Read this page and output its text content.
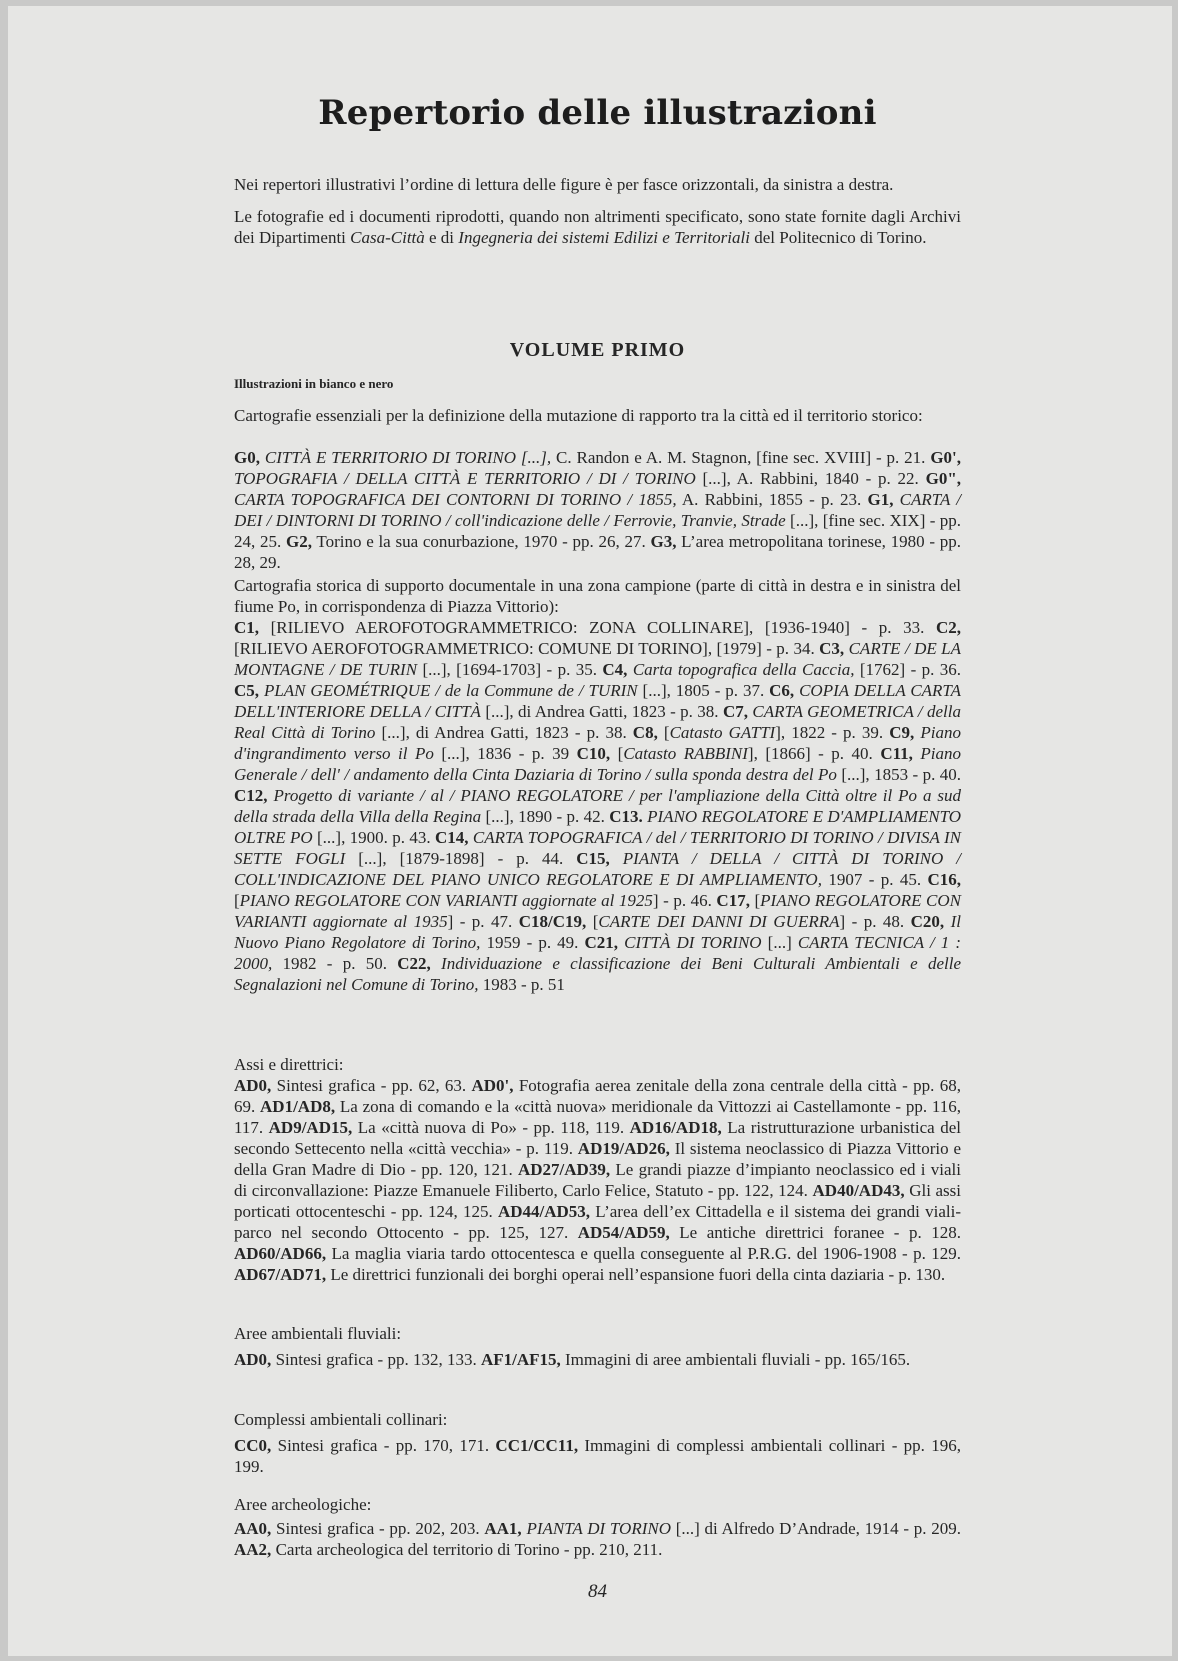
Repertorio delle illustrazioni

Nei repertori illustrativi l’ordine di lettura delle figure è per fasce orizzontali, da sinistra a destra.

Le fotografie ed i documenti riprodotti, quando non altrimenti specificato, sono state fornite dagli Archivi dei Dipartimenti Casa-Città e di Ingegneria dei sistemi Edilizi e Territoriali del Politecnico di Torino.

VOLUME PRIMO
Illustrazioni in bianco e nero

Cartografie essenziali per la definizione della mutazione di rapporto tra la città ed il territorio storico:

G0, CITTÀ E TERRITORIO DI TORINO [...], C. Randon e A. M. Stagnon, [fine sec. XVIII] - p. 21. G0', TOPOGRAFIA / DELLA CITTÀ E TERRITORIO / DI / TORINO [...], A. Rabbini, 1840 - p. 22. G0", CARTA TOPOGRAFICA DEI CONTORNI DI TORINO / 1855, A. Rabbini, 1855 - p. 23. G1, CARTA / DEI / DINTORNI DI TORINO / coll'indicazione delle / Ferrovie, Tranvie, Strade [...], [fine sec. XIX] - pp. 24, 25. G2, Torino e la sua conurbazione, 1970 - pp. 26, 27. G3, L’area metropolitana torinese, 1980 - pp. 28, 29.

Cartografia storica di supporto documentale in una zona campione (parte di città in destra e in sinistra del fiume Po, in corrispondenza di Piazza Vittorio):

C1, [RILIEVO AEROFOTOGRAMMETRICO: ZONA COLLINARE], [1936-1940] - p. 33. C2, [RILIEVO AEROFOTOGRAMMETRICO: COMUNE DI TORINO], [1979] - p. 34. C3, CARTE / DE LA MONTAGNE / DE TURIN [...], [1694-1703] - p. 35. C4, Carta topografica della Caccia, [1762] - p. 36. C5, PLAN GEOMÉTRIQUE / de la Commune de / TURIN [...], 1805 - p. 37. C6, COPIA DELLA CARTA DELL'INTERIORE DELLA / CITTÀ [...], di Andrea Gatti, 1823 - p. 38. C7, CARTA GEOMETRICA / della Real Città di Torino [...], di Andrea Gatti, 1823 - p. 38. C8, [Catasto GATTI], 1822 - p. 39. C9, Piano d'ingrandimento verso il Po [...], 1836 - p. 39 C10, [Catasto RABBINI], [1866] - p. 40. C11, Piano Generale / dell' / andamento della Cinta Daziaria di Torino / sulla sponda destra del Po [...], 1853 - p. 40. C12, Progetto di variante / al / PIANO REGOLATORE / per l'ampliazione della Città oltre il Po a sud della strada della Villa della Regina [...], 1890 - p. 42. C13. PIANO REGOLATORE E D'AMPLIAMENTO OLTRE PO [...], 1900. p. 43. C14, CARTA TOPOGRAFICA / del / TERRITORIO DI TORINO / DIVISA IN SETTE FOGLI [...], [1879-1898] - p. 44. C15, PIANTA / DELLA / CITTÀ DI TORINO / COLL'INDICAZIONE DEL PIANO UNICO REGOLATORE E DI AMPLIAMENTO, 1907 - p. 45. C16, [PIANO REGOLATORE CON VARIANTI aggiornate al 1925] - p. 46. C17, [PIANO REGOLATORE CON VARIANTI aggiornate al 1935] - p. 47. C18/C19, [CARTE DEI DANNI DI GUERRA] - p. 48. C20, Il Nuovo Piano Regolatore di Torino, 1959 - p. 49. C21, CITTÀ DI TORINO [...] CARTA TECNICA / 1 : 2000, 1982 - p. 50. C22, Individuazione e classificazione dei Beni Culturali Ambientali e delle Segnalazioni nel Comune di Torino, 1983 - p. 51

Assi e direttrici:

AD0, Sintesi grafica - pp. 62, 63. AD0', Fotografia aerea zenitale della zona centrale della città - pp. 68, 69. AD1/AD8, La zona di comando e la «città nuova» meridionale da Vittozzi ai Castellamonte - pp. 116, 117. AD9/AD15, La «città nuova di Po» - pp. 118, 119. AD16/AD18, La ristrutturazione urbanistica del secondo Settecento nella «città vecchia» - p. 119. AD19/AD26, Il sistema neoclassico di Piazza Vittorio e della Gran Madre di Dio - pp. 120, 121. AD27/AD39, Le grandi piazze d’impianto neoclassico ed i viali di circonvallazione: Piazze Emanuele Filiberto, Carlo Felice, Statuto - pp. 122, 124. AD40/AD43, Gli assi porticati ottocenteschi - pp. 124, 125. AD44/AD53, L’area dell’ex Cittadella e il sistema dei grandi viali-parco nel secondo Ottocento - pp. 125, 127. AD54/AD59, Le antiche direttrici foranee - p. 128. AD60/AD66, La maglia viaria tardo ottocentesca e quella conseguente al P.R.G. del 1906-1908 - p. 129. AD67/AD71, Le direttrici funzionali dei borghi operai nell’espansione fuori della cinta daziaria - p. 130.

Aree ambientali fluviali:

AD0, Sintesi grafica - pp. 132, 133. AF1/AF15, Immagini di aree ambientali fluviali - pp. 165/165.

Complessi ambientali collinari:

CC0, Sintesi grafica - pp. 170, 171. CC1/CC11, Immagini di complessi ambientali collinari - pp. 196, 199.

Aree archeologiche:

AA0, Sintesi grafica - pp. 202, 203. AA1, PIANTA DI TORINO [...] di Alfredo D’Andrade, 1914 - p. 209. AA2, Carta archeologica del territorio di Torino - pp. 210, 211.

84
